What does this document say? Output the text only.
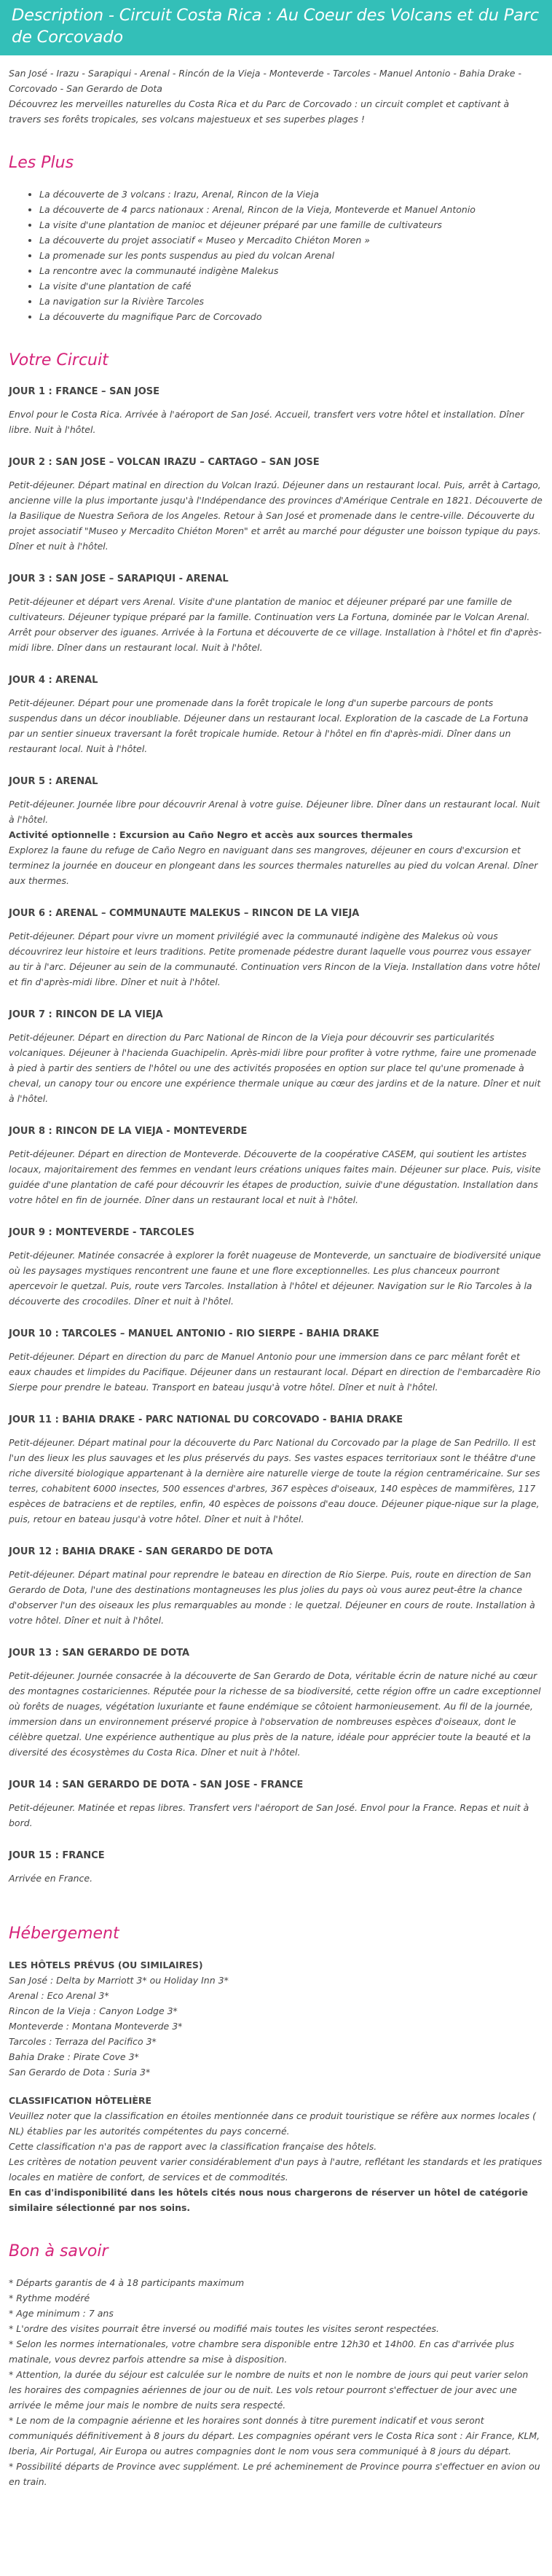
Description - Circuit Costa Rica : Au Coeur des Volcans et du Parc de Corcovado
San José - Irazu - Sarapiqui - Arenal - Rincón de la Vieja - Monteverde - Tarcoles - Manuel Antonio - Bahia Drake - Corcovado - San Gerardo de Dota
Découvrez les merveilles naturelles du Costa Rica et du Parc de Corcovado : un circuit complet et captivant à travers ses forêts tropicales, ses volcans majestueux et ses superbes plages !
Les Plus
• La découverte de 3 volcans : Irazu, Arenal, Rincon de la Vieja
• La découverte de 4 parcs nationaux : Arenal, Rincon de la Vieja, Monteverde et Manuel Antonio
• La visite d'une plantation de manioc et déjeuner préparé par une famille de cultivateurs
• La découverte du projet associatif « Museo y Mercadito Chiéton Moren »
• La promenade sur les ponts suspendus au pied du volcan Arenal
• La rencontre avec la communauté indigène Malekus
• La visite d'une plantation de café
• La navigation sur la Rivière Tarcoles
• La découverte du magnifique Parc de Corcovado
Votre Circuit
JOUR 1 : FRANCE – SAN JOSE
Envol pour le Costa Rica. Arrivée à l'aéroport de San José. Accueil, transfert vers votre hôtel et installation. Dîner libre. Nuit à l'hôtel.
JOUR 2 : SAN JOSE – VOLCAN IRAZU – CARTAGO – SAN JOSE
Petit-déjeuner. Départ matinal en direction du Volcan Irazú. Déjeuner dans un restaurant local. Puis, arrêt à Cartago, ancienne ville la plus importante jusqu'à l'Indépendance des provinces d'Amérique Centrale en 1821. Découverte de la Basilique de Nuestra Señora de los Angeles. Retour à San José et promenade dans le centre-ville. Découverte du projet associatif "Museo y Mercadito Chiéton Moren" et arrêt au marché pour déguster une boisson typique du pays. Dîner et nuit à l'hôtel.
JOUR 3 : SAN JOSE – SARAPIQUI - ARENAL
Petit-déjeuner et départ vers Arenal. Visite d'une plantation de manioc et déjeuner préparé par une famille de cultivateurs. Déjeuner typique préparé par la famille. Continuation vers La Fortuna, dominée par le Volcan Arenal. Arrêt pour observer des iguanes. Arrivée à la Fortuna et découverte de ce village. Installation à l'hôtel et fin d'après-midi libre. Dîner dans un restaurant local. Nuit à l'hôtel.
JOUR 4 : ARENAL
Petit-déjeuner. Départ pour une promenade dans la forêt tropicale le long d'un superbe parcours de ponts suspendus dans un décor inoubliable. Déjeuner dans un restaurant local. Exploration de la cascade de La Fortuna par un sentier sinueux traversant la forêt tropicale humide. Retour à l'hôtel en fin d'après-midi. Dîner dans un restaurant local. Nuit à l'hôtel.
JOUR 5 : ARENAL
Petit-déjeuner. Journée libre pour découvrir Arenal à votre guise. Déjeuner libre. Dîner dans un restaurant local. Nuit à l'hôtel.
Activité optionnelle : Excursion au Caño Negro et accès aux sources thermales
Explorez la faune du refuge de Caño Negro en naviguant dans ses mangroves, déjeuner en cours d'excursion et terminez la journée en douceur en plongeant dans les sources thermales naturelles au pied du volcan Arenal. Dîner aux thermes.
JOUR 6 : ARENAL – COMMUNAUTE MALEKUS – RINCON DE LA VIEJA
Petit-déjeuner. Départ pour vivre un moment privilégié avec la communauté indigène des Malekus où vous découvrirez leur histoire et leurs traditions. Petite promenade pédestre durant laquelle vous pourrez vous essayer au tir à l'arc. Déjeuner au sein de la communauté. Continuation vers Rincon de la Vieja. Installation dans votre hôtel et fin d'après-midi libre. Dîner et nuit à l'hôtel.
JOUR 7 : RINCON DE LA VIEJA
Petit-déjeuner. Départ en direction du Parc National de Rincon de la Vieja pour découvrir ses particularités volcaniques. Déjeuner à l'hacienda Guachipelin. Après-midi libre pour profiter à votre rythme, faire une promenade à pied à partir des sentiers de l'hôtel ou une des activités proposées en option sur place tel qu'une promenade à cheval, un canopy tour ou encore une expérience thermale unique au cœur des jardins et de la nature. Dîner et nuit à l'hôtel.
JOUR 8 : RINCON DE LA VIEJA - MONTEVERDE
Petit-déjeuner. Départ en direction de Monteverde. Découverte de la coopérative CASEM, qui soutient les artistes locaux, majoritairement des femmes en vendant leurs créations uniques faites main. Déjeuner sur place. Puis, visite guidée d'une plantation de café pour découvrir les étapes de production, suivie d'une dégustation. Installation dans votre hôtel en fin de journée. Dîner dans un restaurant local et nuit à l'hôtel.
JOUR 9 : MONTEVERDE - TARCOLES
Petit-déjeuner. Matinée consacrée à explorer la forêt nuageuse de Monteverde, un sanctuaire de biodiversité unique où les paysages mystiques rencontrent une faune et une flore exceptionnelles. Les plus chanceux pourront apercevoir le quetzal. Puis, route vers Tarcoles. Installation à l'hôtel et déjeuner. Navigation sur le Rio Tarcoles à la découverte des crocodiles. Dîner et nuit à l'hôtel.
JOUR 10 : TARCOLES – MANUEL ANTONIO - RIO SIERPE - BAHIA DRAKE
Petit-déjeuner. Départ en direction du parc de Manuel Antonio pour une immersion dans ce parc mêlant forêt et eaux chaudes et limpides du Pacifique. Déjeuner dans un restaurant local. Départ en direction de l'embarcadère Rio Sierpe pour prendre le bateau. Transport en bateau jusqu'à votre hôtel. Dîner et nuit à l'hôtel.
JOUR 11 : BAHIA DRAKE - PARC NATIONAL DU CORCOVADO - BAHIA DRAKE
Petit-déjeuner. Départ matinal pour la découverte du Parc National du Corcovado par la plage de San Pedrillo. Il est l'un des lieux les plus sauvages et les plus préservés du pays. Ses vastes espaces territoriaux sont le théâtre d'une riche diversité biologique appartenant à la dernière aire naturelle vierge de toute la région centraméricaine. Sur ses terres, cohabitent 6000 insectes, 500 essences d'arbres, 367 espèces d'oiseaux, 140 espèces de mammifères, 117 espèces de batraciens et de reptiles, enfin, 40 espèces de poissons d'eau douce. Déjeuner pique-nique sur la plage, puis, retour en bateau jusqu'à votre hôtel. Dîner et nuit à l'hôtel.
JOUR 12 : BAHIA DRAKE - SAN GERARDO DE DOTA
Petit-déjeuner. Départ matinal pour reprendre le bateau en direction de Rio Sierpe. Puis, route en direction de San Gerardo de Dota, l'une des destinations montagneuses les plus jolies du pays où vous aurez peut-être la chance d'observer l'un des oiseaux les plus remarquables au monde : le quetzal. Déjeuner en cours de route. Installation à votre hôtel. Dîner et nuit à l'hôtel.
JOUR 13 : SAN GERARDO DE DOTA
Petit-déjeuner. Journée consacrée à la découverte de San Gerardo de Dota, véritable écrin de nature niché au cœur des montagnes costariciennes. Réputée pour la richesse de sa biodiversité, cette région offre un cadre exceptionnel où forêts de nuages, végétation luxuriante et faune endémique se côtoient harmonieusement. Au fil de la journée, immersion dans un environnement préservé propice à l'observation de nombreuses espèces d'oiseaux, dont le célèbre quetzal. Une expérience authentique au plus près de la nature, idéale pour apprécier toute la beauté et la diversité des écosystèmes du Costa Rica. Dîner et nuit à l'hôtel.
JOUR 14 : SAN GERARDO DE DOTA - SAN JOSE - FRANCE
Petit-déjeuner. Matinée et repas libres. Transfert vers l'aéroport de San José. Envol pour la France. Repas et nuit à bord.
JOUR 15 : FRANCE
Arrivée en France.
Hébergement
LES HÔTELS PRÉVUS (OU SIMILAIRES)
San José : Delta by Marriott 3* ou Holiday Inn 3*
Arenal : Eco Arenal 3*
Rincon de la Vieja : Canyon Lodge 3*
Monteverde : Montana Monteverde 3*
Tarcoles : Terraza del Pacifico 3*
Bahia Drake : Pirate Cove 3*
San Gerardo de Dota : Suria 3*
CLASSIFICATION HÔTELIÈRE
Veuillez noter que la classification en étoiles mentionnée dans ce produit touristique se réfère aux normes locales ( NL) établies par les autorités compétentes du pays concerné.
Cette classification n'a pas de rapport avec la classification française des hôtels.
Les critères de notation peuvent varier considérablement d'un pays à l'autre, reflétant les standards et les pratiques locales en matière de confort, de services et de commodités.
En cas d'indisponibilité dans les hôtels cités nous nous chargerons de réserver un hôtel de catégorie similaire sélectionné par nos soins.
Bon à savoir
* Départs garantis de 4 à 18 participants maximum
* Rythme modéré
* Age minimum : 7 ans
* L'ordre des visites pourrait être inversé ou modifié mais toutes les visites seront respectées.
* Selon les normes internationales, votre chambre sera disponible entre 12h30 et 14h00. En cas d'arrivée plus matinale, vous devrez parfois attendre sa mise à disposition.
* Attention, la durée du séjour est calculée sur le nombre de nuits et non le nombre de jours qui peut varier selon les horaires des compagnies aériennes de jour ou de nuit. Les vols retour pourront s'effectuer de jour avec une arrivée le même jour mais le nombre de nuits sera respecté.
* Le nom de la compagnie aérienne et les horaires sont donnés à titre purement indicatif et vous seront communiqués définitivement à 8 jours du départ. Les compagnies opérant vers le Costa Rica sont : Air France, KLM, Iberia, Air Portugal, Air Europa ou autres compagnies dont le nom vous sera communiqué à 8 jours du départ.
* Possibilité départs de Province avec supplément. Le pré acheminement de Province pourra s'effectuer en avion ou en train.
